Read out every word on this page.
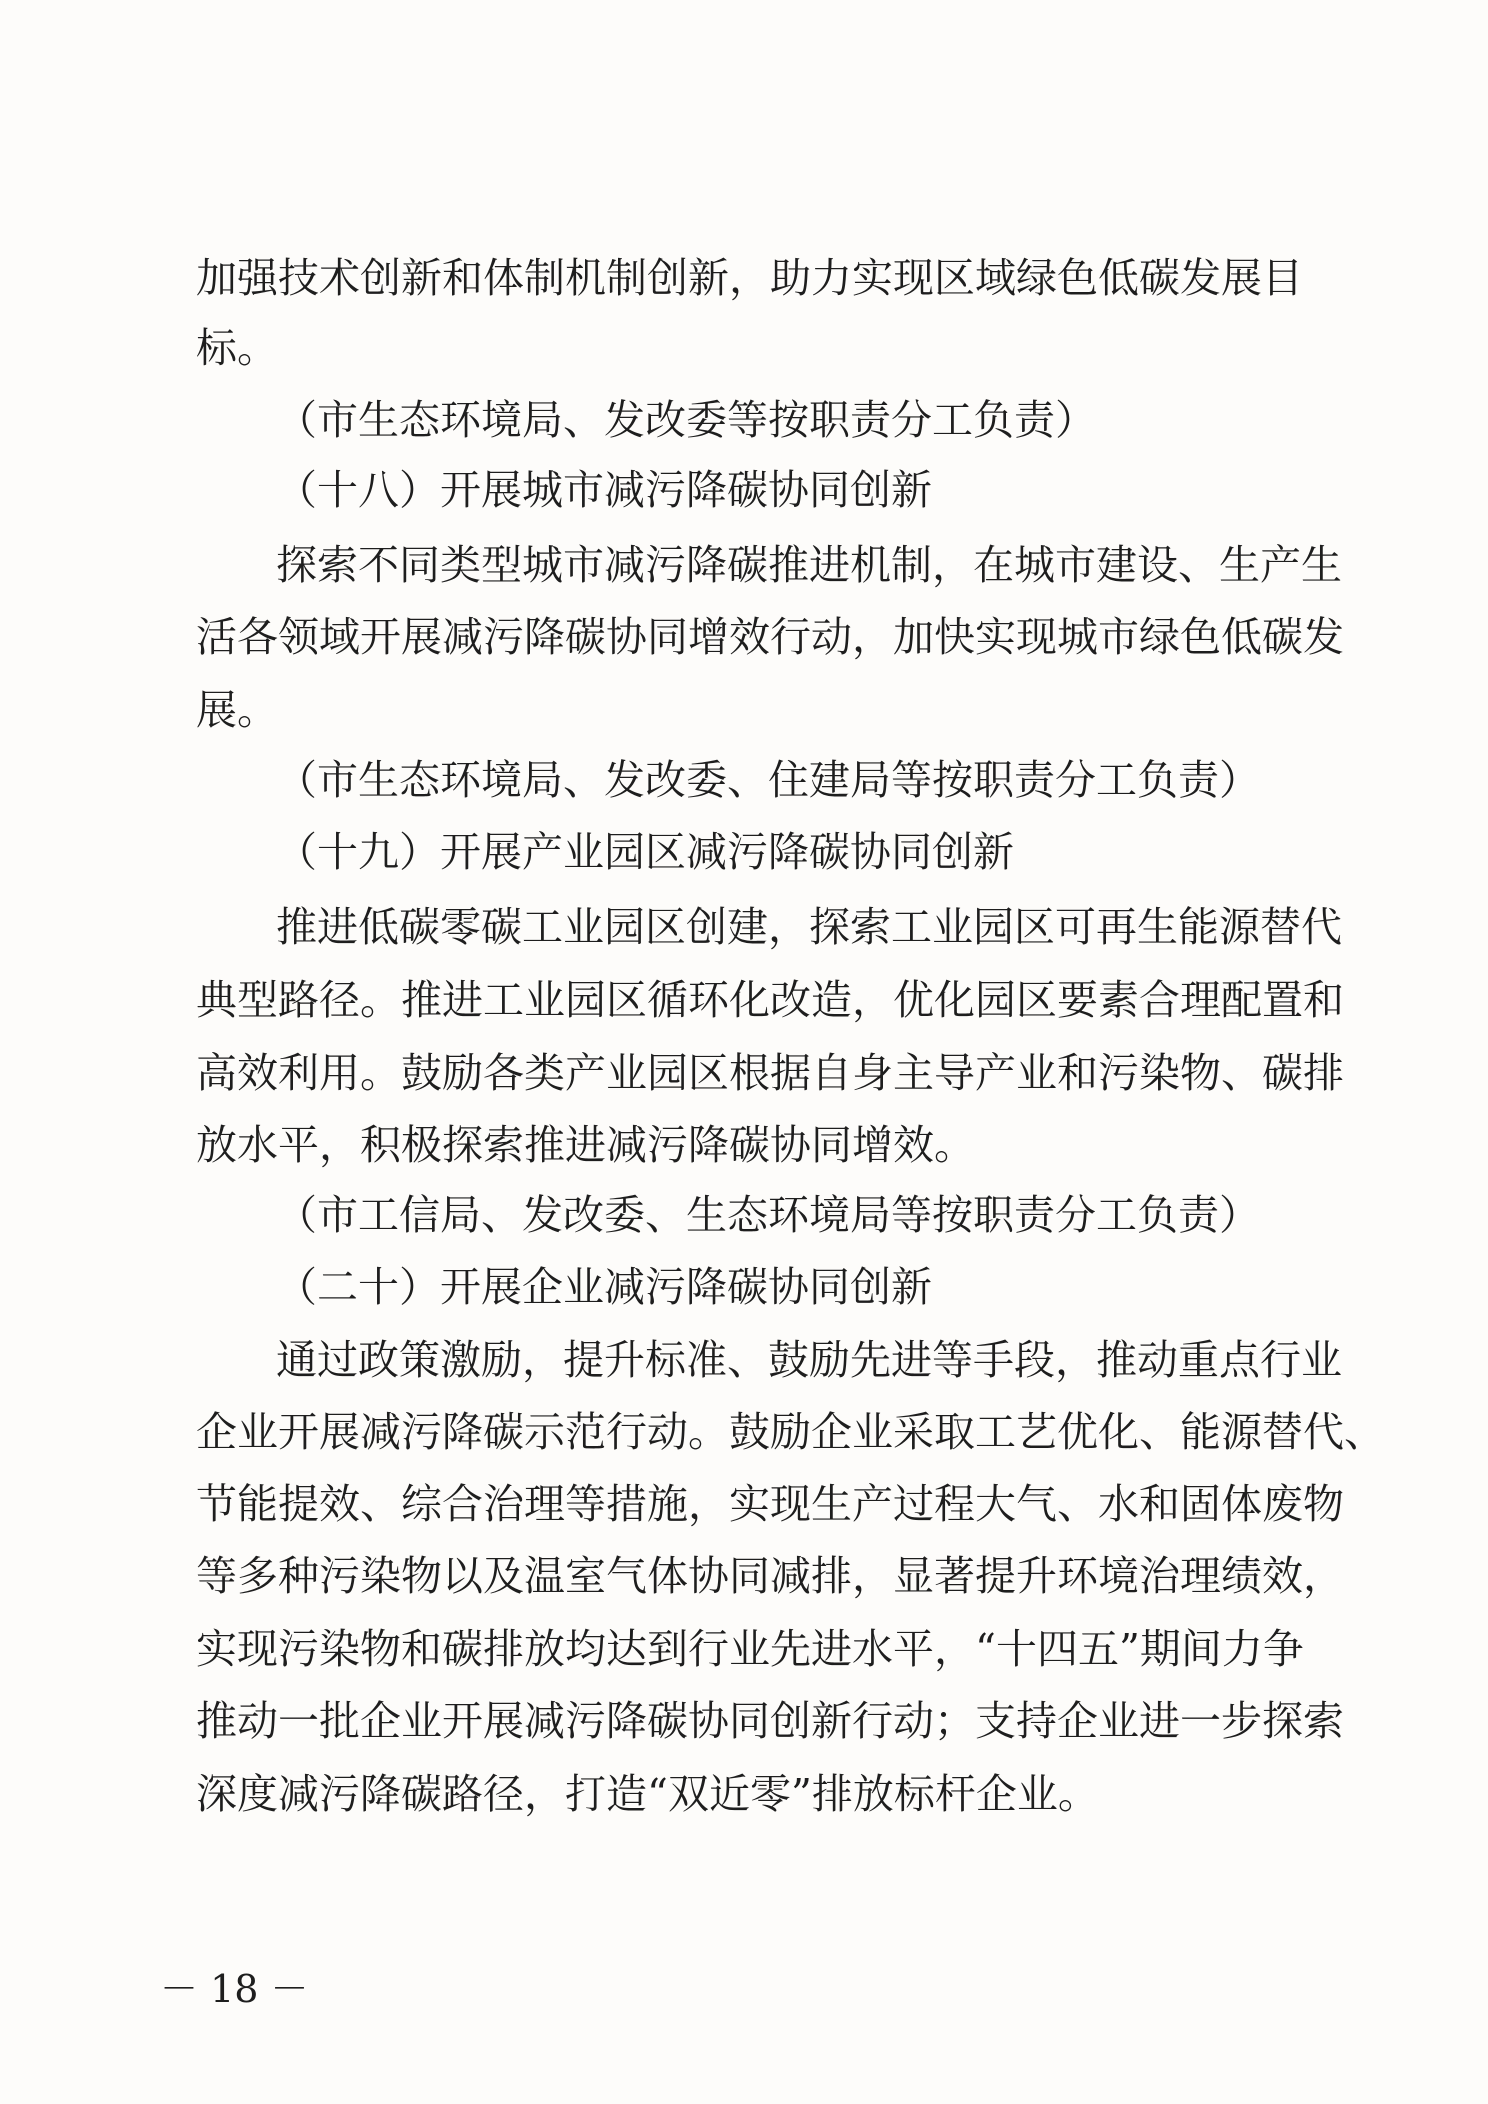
加强技术创新和体制机制创新，助力实现区域绿色低碳发展目

标。

（市生态环境局、发改委等按职责分工负责）

（十八）开展城市减污降碳协同创新

探索不同类型城市减污降碳推进机制，在城市建设、生产生

活各领域开展减污降碳协同增效行动，加快实现城市绿色低碳发

展。

（市生态环境局、发改委、住建局等按职责分工负责）

（十九）开展产业园区减污降碳协同创新

推进低碳零碳工业园区创建，探索工业园区可再生能源替代

典型路径。推进工业园区循环化改造，优化园区要素合理配置和

高效利用。鼓励各类产业园区根据自身主导产业和污染物、碳排

放水平，积极探索推进减污降碳协同增效。

（市工信局、发改委、生态环境局等按职责分工负责）

（二十）开展企业减污降碳协同创新

通过政策激励，提升标准、鼓励先进等手段，推动重点行业

企业开展减污降碳示范行动。鼓励企业采取工艺优化、能源替代、

节能提效、综合治理等措施，实现生产过程大气、水和固体废物

等多种污染物以及温室气体协同减排，显著提升环境治理绩效，

实现污染物和碳排放均达到行业先进水平，“十四五”期间力争

推动一批企业开展减污降碳协同创新行动；支持企业进一步探索

深度减污降碳路径，打造“双近零”排放标杆企业。

－ 18 －
